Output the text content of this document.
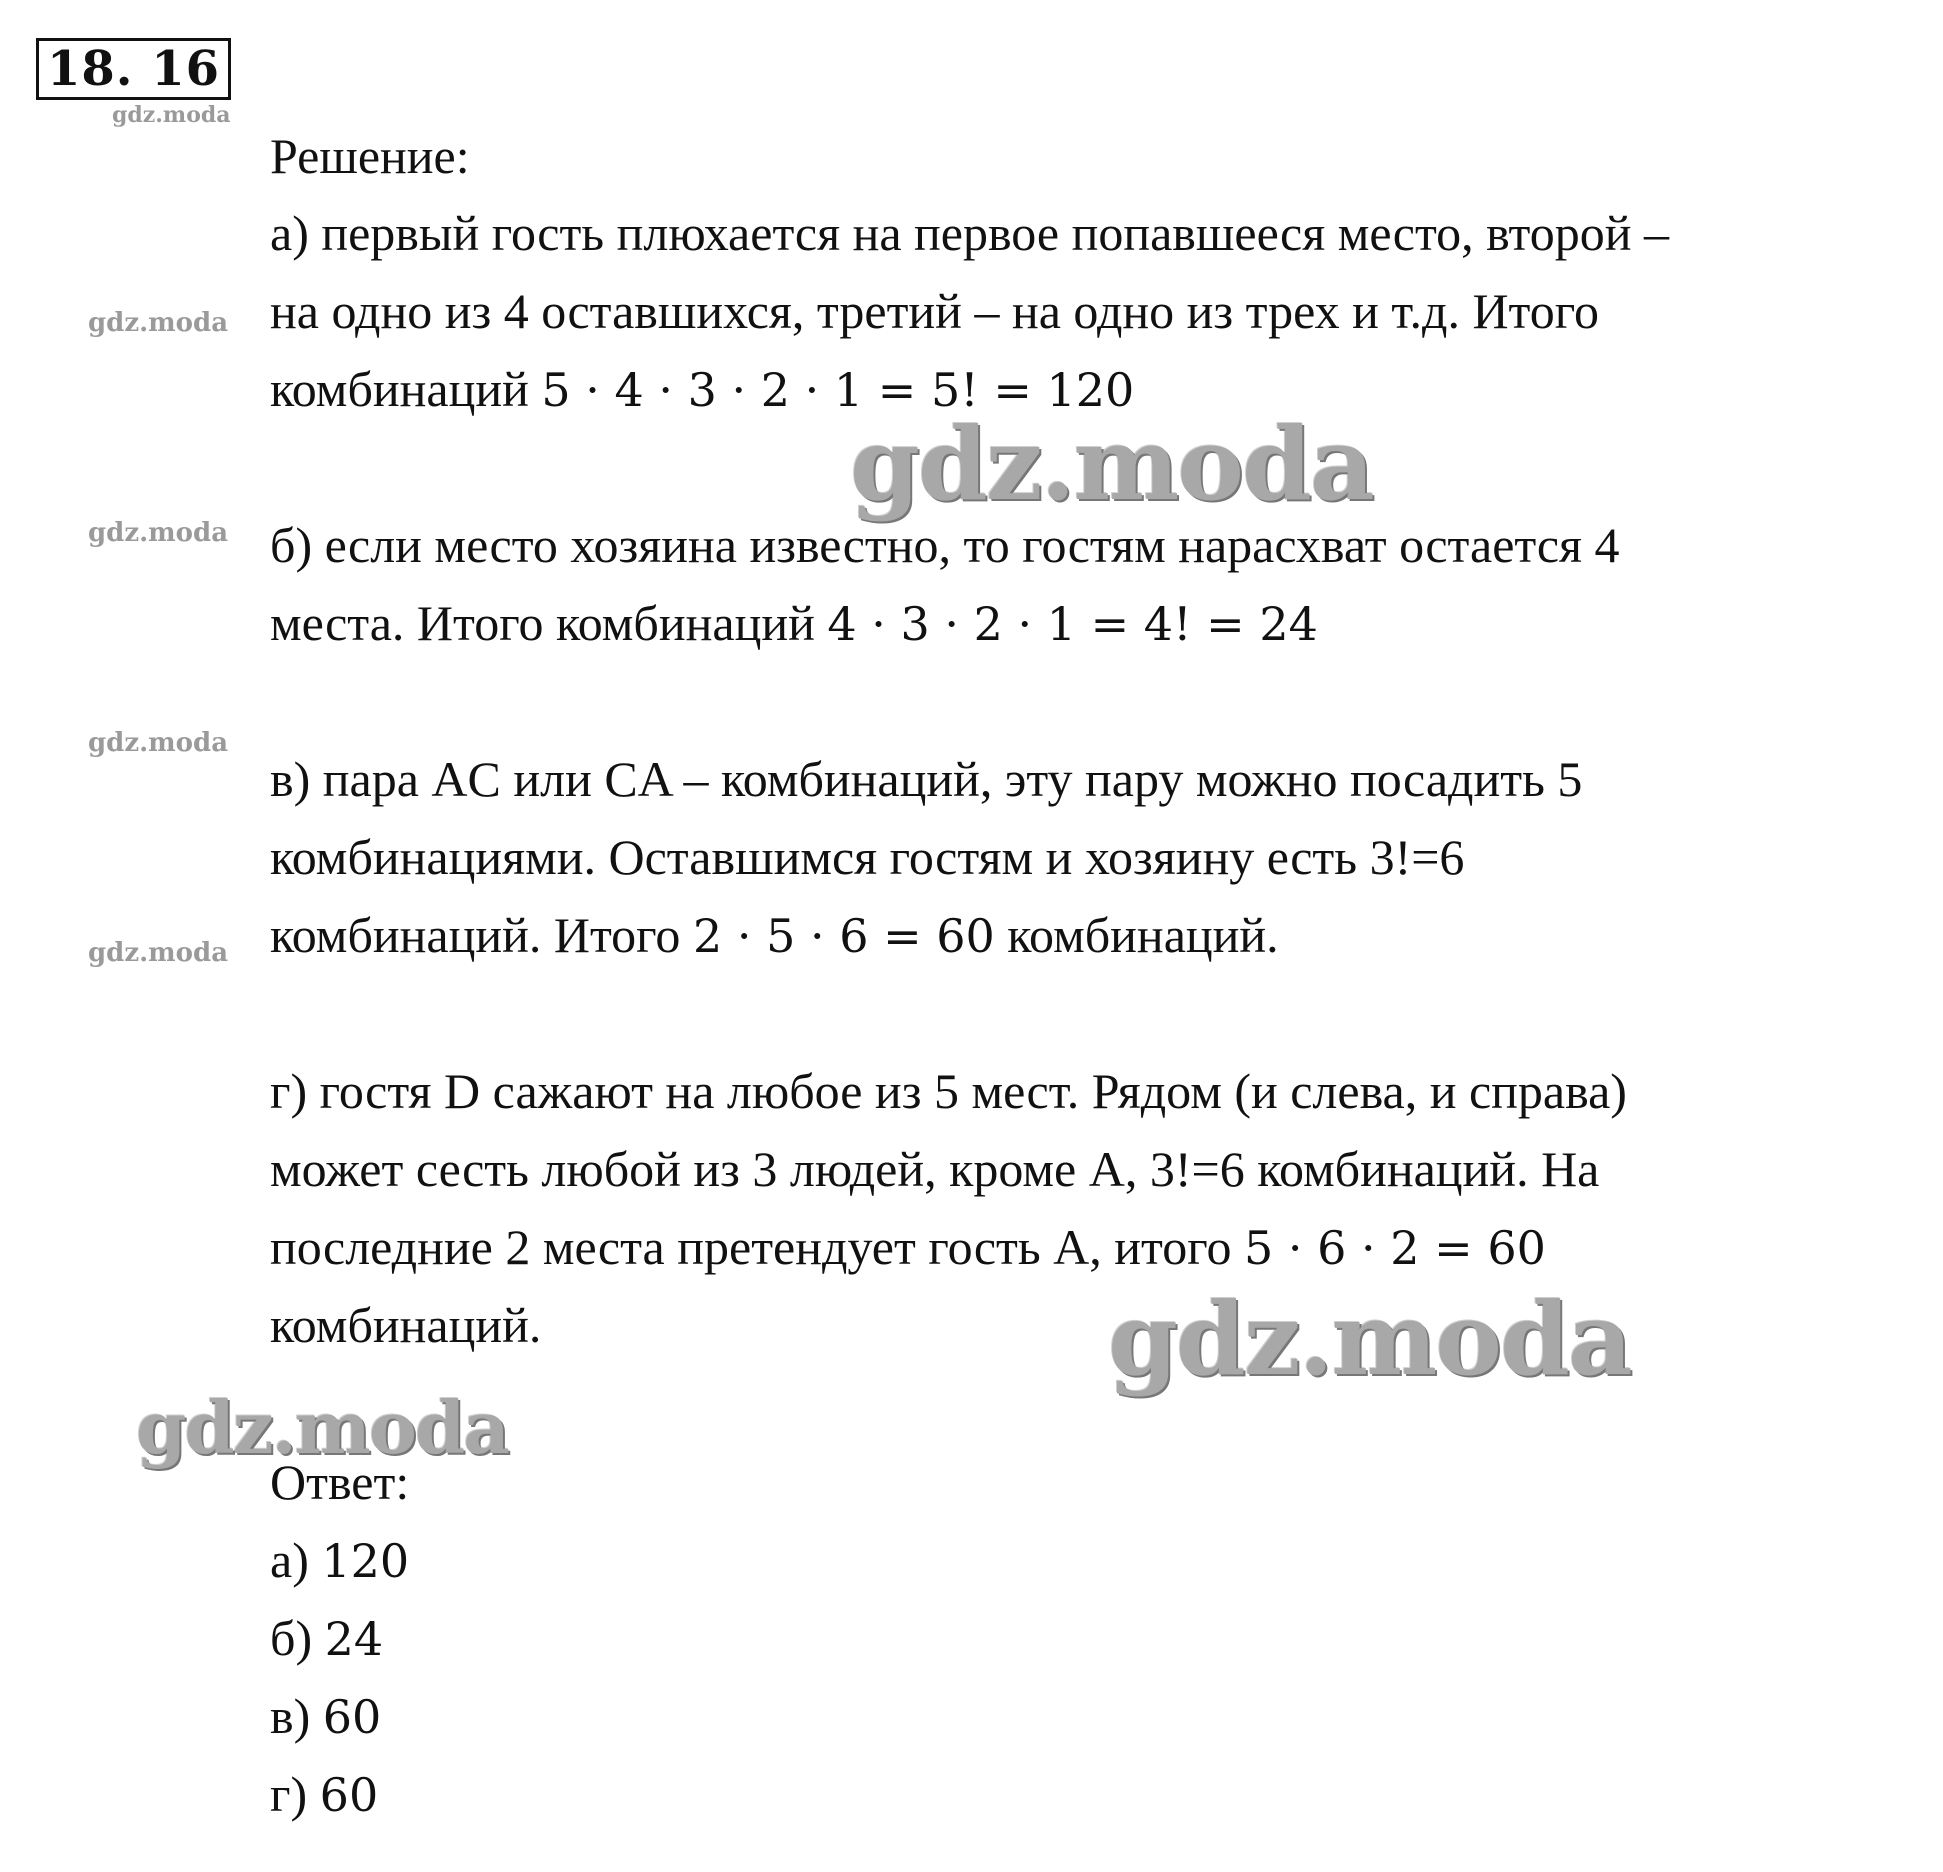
18. 16
gdz.moda
gdz.moda
gdz.moda
gdz.moda
gdz.moda
gdz.moda
gdz.moda
gdz.moda
Решение:
а) первый гость плюхается на первое попавшееся место, второй –
на одно из 4 оставшихся, третий – на одно из трех и т.д. Итого
комбинаций 5 · 4 · 3 · 2 · 1 = 5! = 120
б) если место хозяина известно, то гостям нарасхват остается 4
места. Итого комбинаций 4 · 3 · 2 · 1 = 4! = 24
в) пара AC или CA – комбинаций, эту пару можно посадить 5
комбинациями. Оставшимся гостям и хозяину есть 3!=6
комбинаций. Итого 2 · 5 · 6 = 60 комбинаций.
г) гостя D сажают на любое из 5 мест. Рядом (и слева, и справа)
может сесть любой из 3 людей, кроме A, 3!=6 комбинаций. На
последние 2 места претендует гость A, итого 5 · 6 · 2 = 60
комбинаций.
Ответ:
а) 120
б) 24
в) 60
г) 60
